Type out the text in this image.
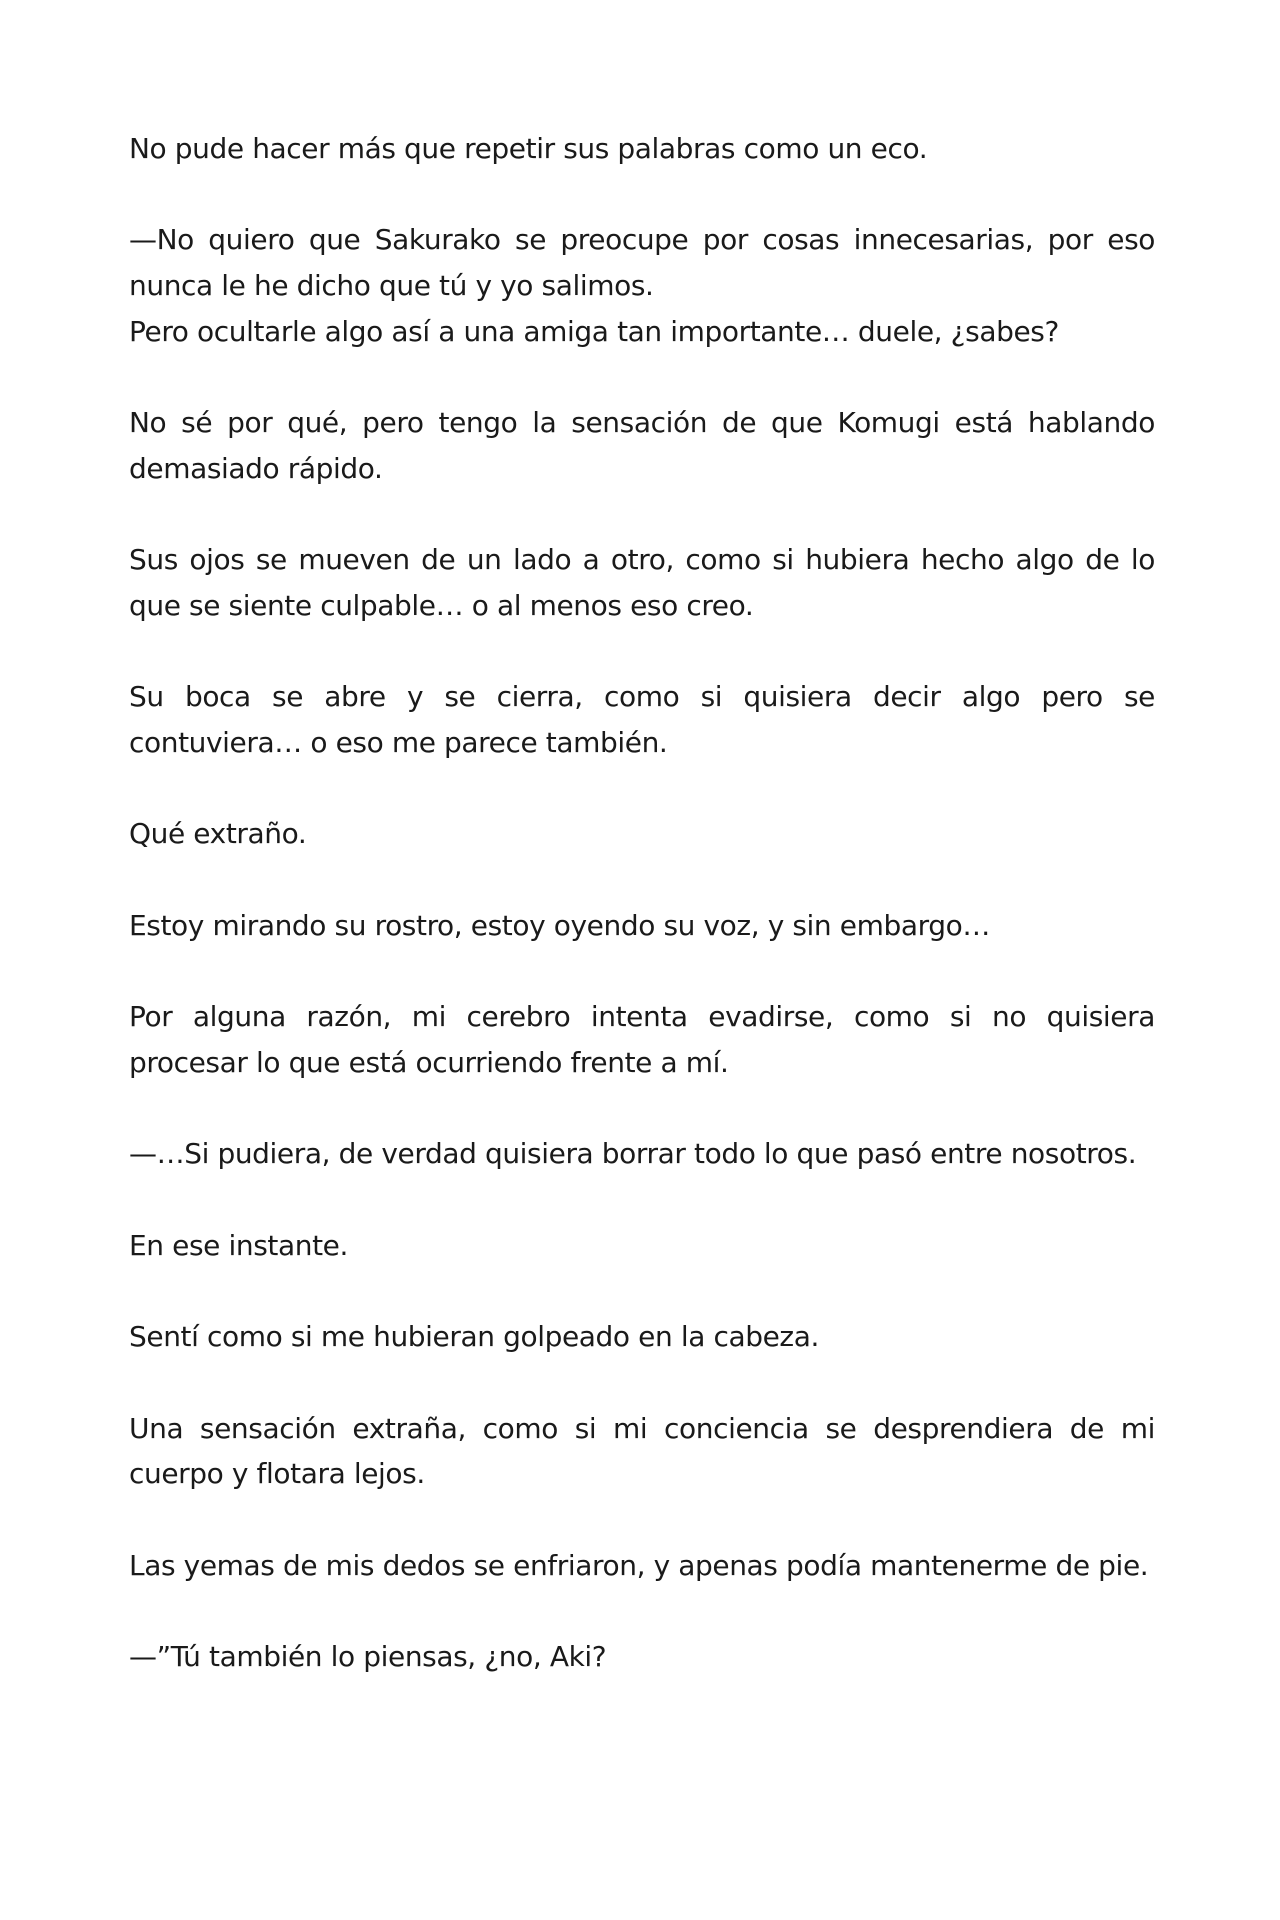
No pude hacer más que repetir sus palabras como un eco.

—No quiero que Sakurako se preocupe por cosas innecesarias, por eso nunca le he dicho que tú y yo salimos.
Pero ocultarle algo así a una amiga tan importante… duele, ¿sabes?

No sé por qué, pero tengo la sensación de que Komugi está hablando demasiado rápido.

Sus ojos se mueven de un lado a otro, como si hubiera hecho algo de lo que se siente culpable… o al menos eso creo.

Su boca se abre y se cierra, como si quisiera decir algo pero se contuviera… o eso me parece también.

Qué extraño.

Estoy mirando su rostro, estoy oyendo su voz, y sin embargo…

Por alguna razón, mi cerebro intenta evadirse, como si no quisiera procesar lo que está ocurriendo frente a mí.

—…Si pudiera, de verdad quisiera borrar todo lo que pasó entre nosotros.

En ese instante.

Sentí como si me hubieran golpeado en la cabeza.

Una sensación extraña, como si mi conciencia se desprendiera de mi cuerpo y flotara lejos.

Las yemas de mis dedos se enfriaron, y apenas podía mantenerme de pie.

—”Tú también lo piensas, ¿no, Aki?
